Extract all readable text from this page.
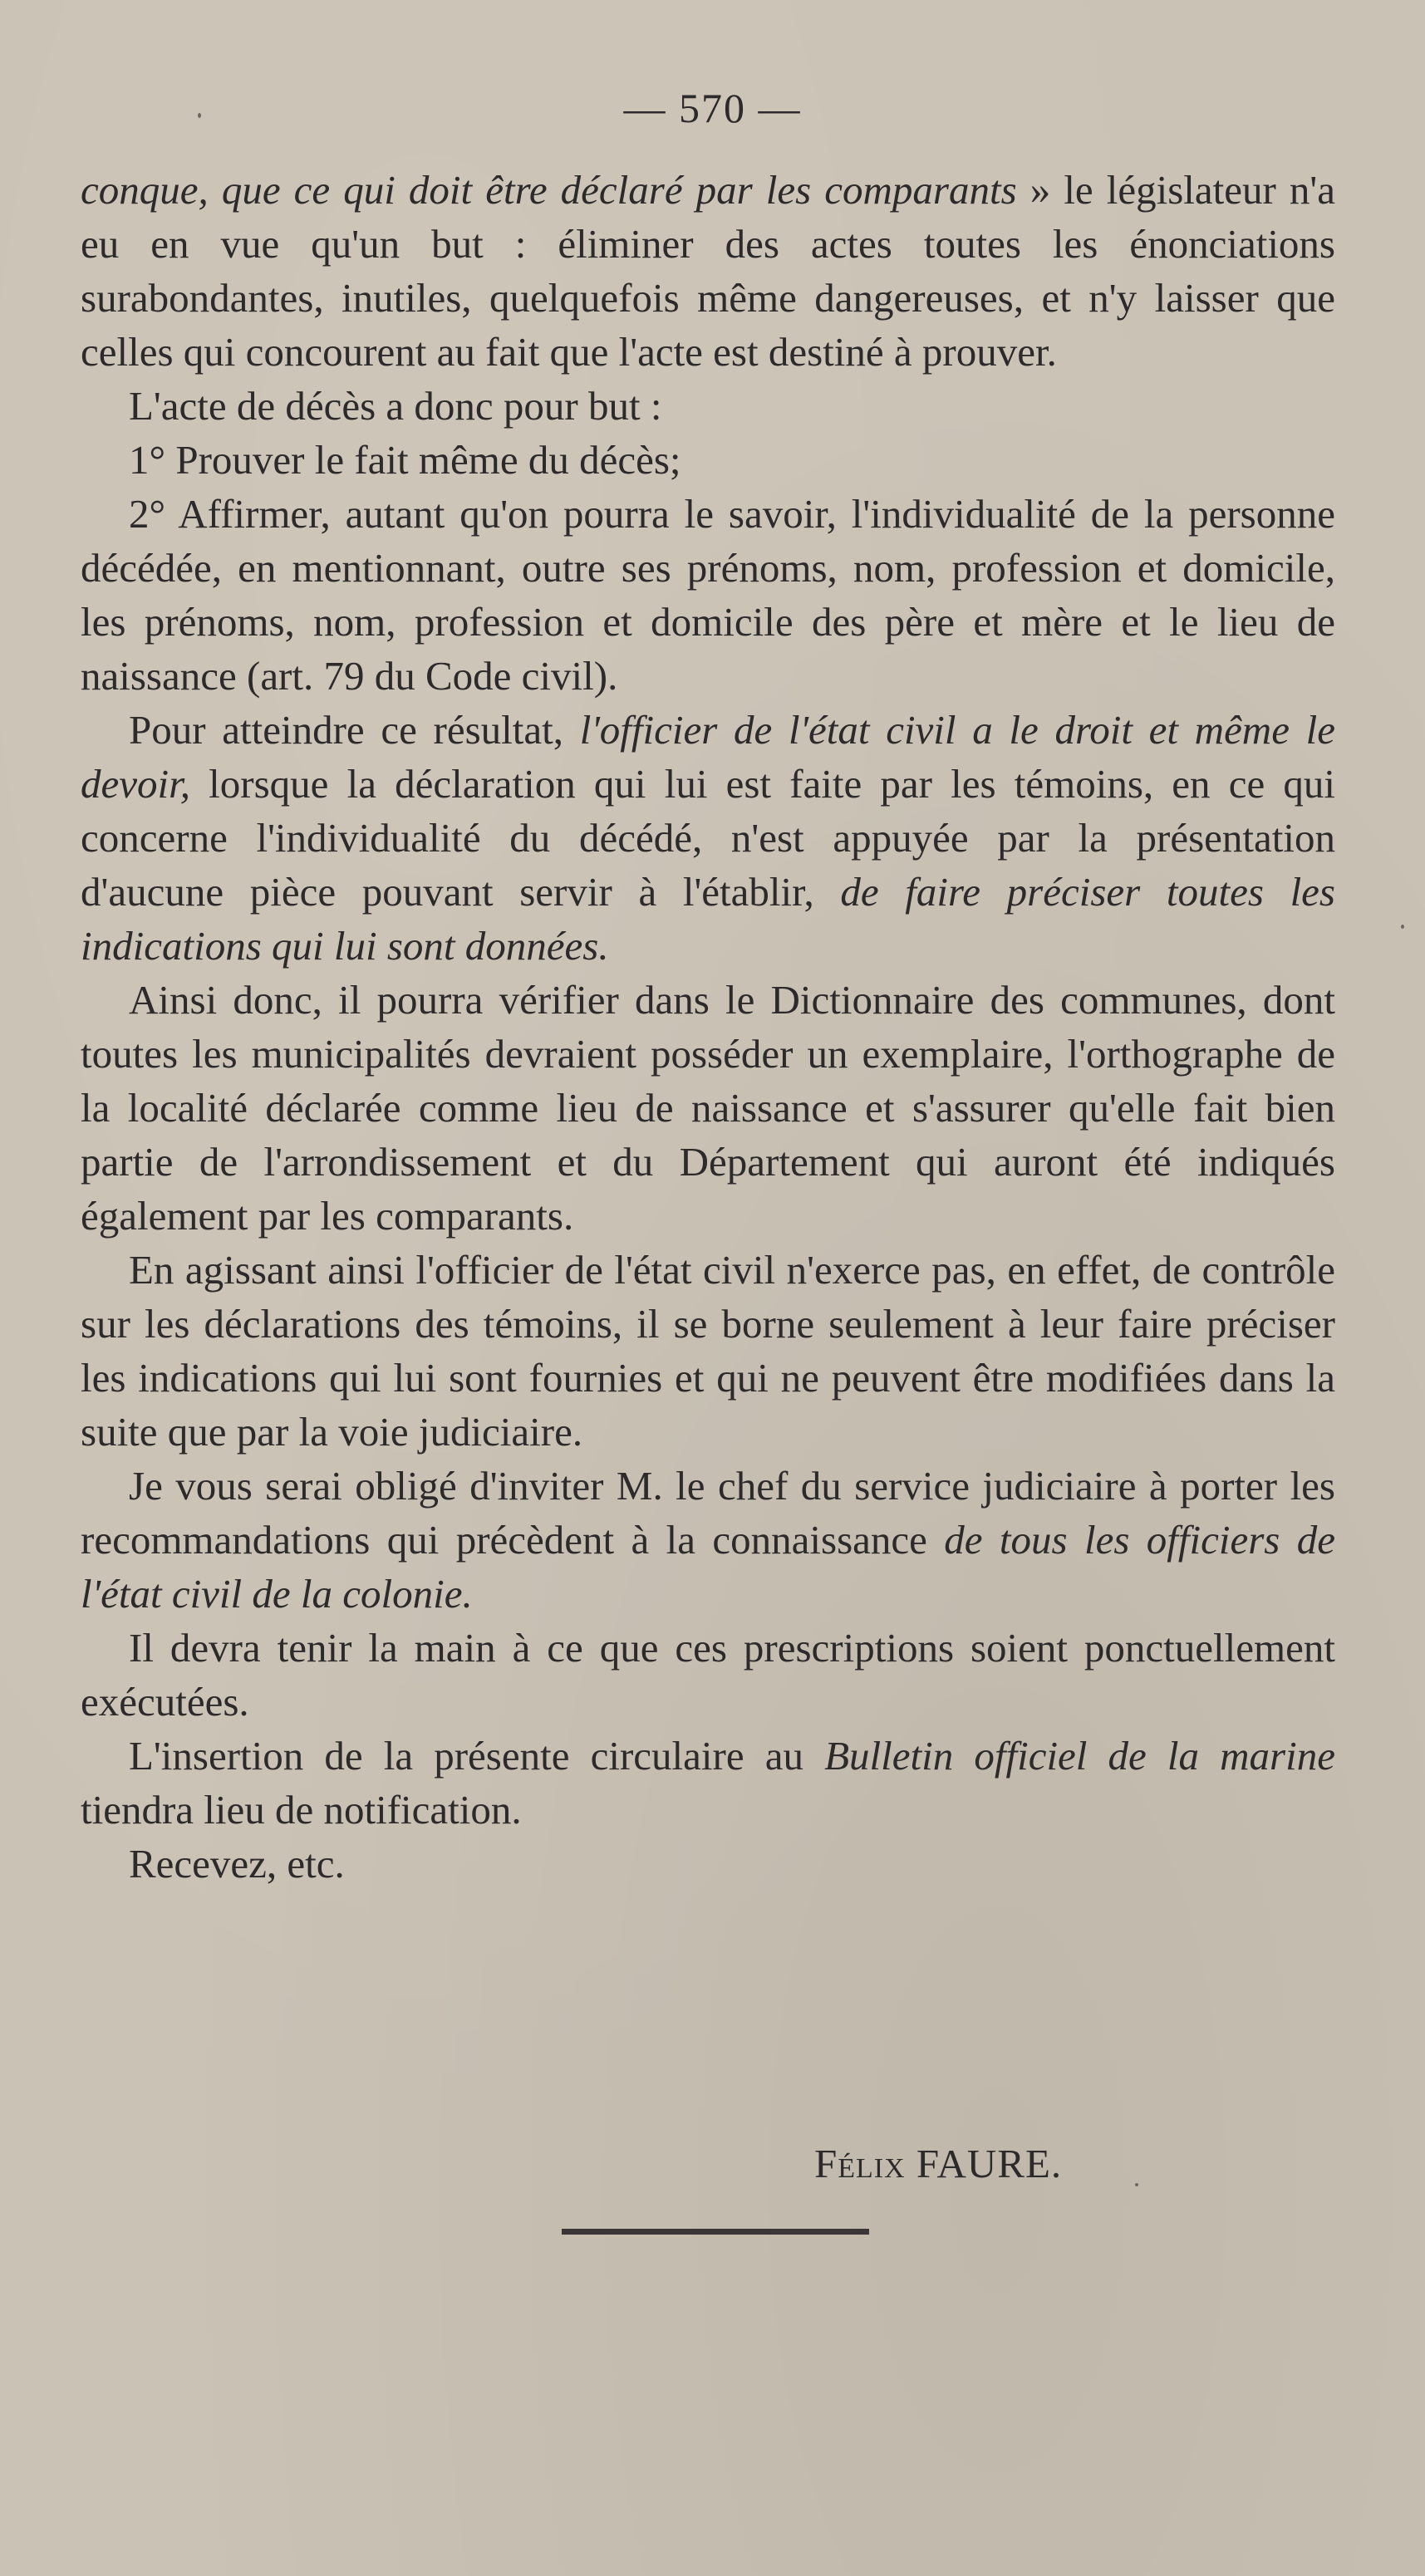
— 570 —

conque, que ce qui doit être déclaré par les comparants » le législateur n'a eu en vue qu'un but : éliminer des actes toutes les énonciations surabondantes, inutiles, quelquefois même dangereuses, et n'y laisser que celles qui concourent au fait que l'acte est destiné à prouver.

L'acte de décès a donc pour but :

1° Prouver le fait même du décès;

2° Affirmer, autant qu'on pourra le savoir, l'individualité de la personne décédée, en mentionnant, outre ses prénoms, nom, profession et domicile, les prénoms, nom, profession et domicile des père et mère et le lieu de naissance (art. 79 du Code civil).

Pour atteindre ce résultat, l'officier de l'état civil a le droit et même le devoir, lorsque la déclaration qui lui est faite par les témoins, en ce qui concerne l'individualité du décédé, n'est appuyée par la présentation d'aucune pièce pouvant servir à l'établir, de faire préciser toutes les indications qui lui sont données.

Ainsi donc, il pourra vérifier dans le Dictionnaire des communes, dont toutes les municipalités devraient posséder un exemplaire, l'orthographe de la localité déclarée comme lieu de naissance et s'assurer qu'elle fait bien partie de l'arrondissement et du Département qui auront été indiqués également par les comparants.

En agissant ainsi l'officier de l'état civil n'exerce pas, en effet, de contrôle sur les déclarations des témoins, il se borne seulement à leur faire préciser les indications qui lui sont fournies et qui ne peuvent être modifiées dans la suite que par la voie judiciaire.

Je vous serai obligé d'inviter M. le chef du service judiciaire à porter les recommandations qui précèdent à la connaissance de tous les officiers de l'état civil de la colonie.

Il devra tenir la main à ce que ces prescriptions soient ponctuellement exécutées.

L'insertion de la présente circulaire au Bulletin officiel de la marine tiendra lieu de notification.

Recevez, etc.

Félix FAURE.
